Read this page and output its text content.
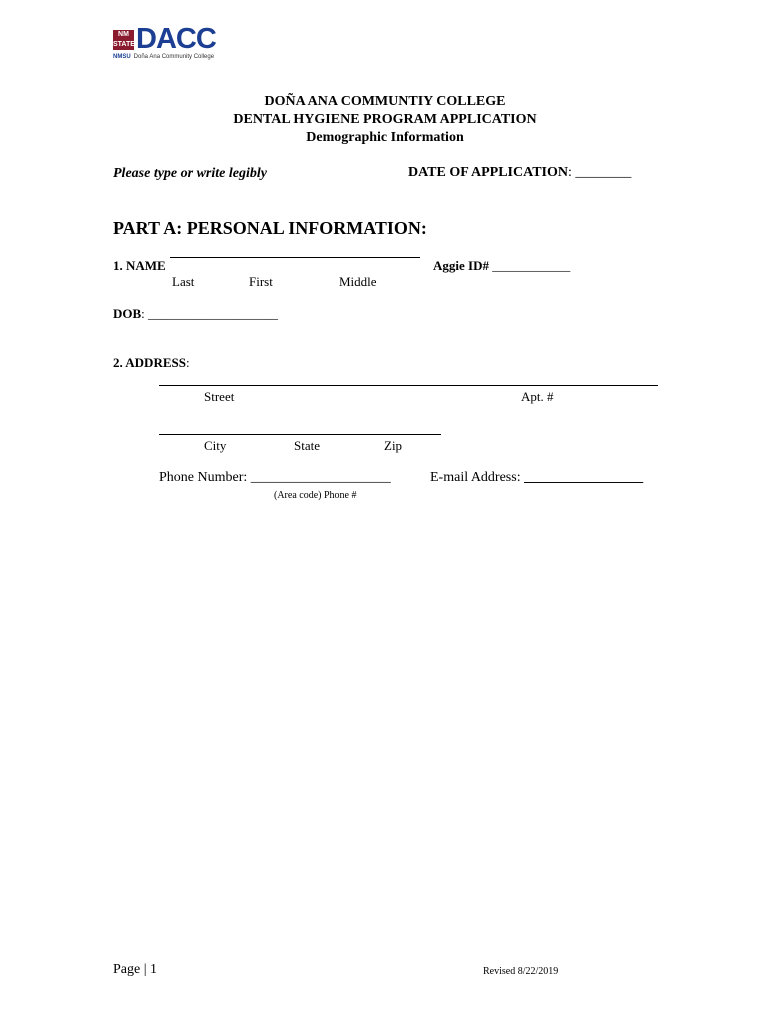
NM STATE DACC
NMSU Doña Ana Community College
DOÑA ANA COMMUNTIY COLLEGE
DENTAL HYGIENE PROGRAM APPLICATION
Demographic Information
Please type or write legibly	DATE OF APPLICATION: ________
PART A: PERSONAL INFORMATION:
1. NAME
Last	First	Middle
Aggie ID# ____________
DOB: ____________________
2. ADDRESS:
Street	Apt. #
City	State	Zip
Phone Number: ____________________
(Area code) Phone #
E-mail Address: _________________
Page | 1	Revised 8/22/2019
